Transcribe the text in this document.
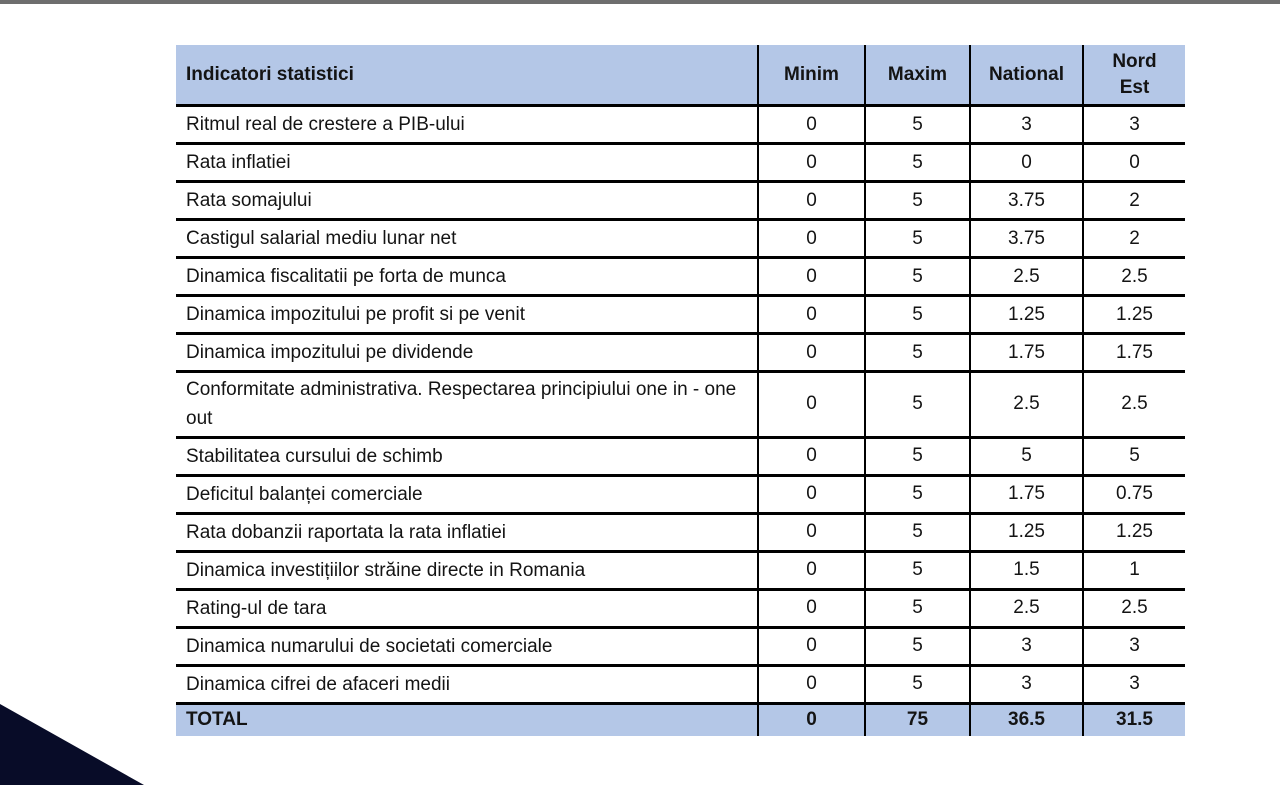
Indicatori statistici	Minim	Maxim	National	Nord Est
Ritmul real de crestere a PIB-ului	0	5	3	3
Rata inflatiei	0	5	0	0
Rata somajului	0	5	3.75	2
Castigul salarial mediu lunar net	0	5	3.75	2
Dinamica fiscalitatii pe forta de munca	0	5	2.5	2.5
Dinamica impozitului pe profit si pe venit	0	5	1.25	1.25
Dinamica impozitului pe dividende	0	5	1.75	1.75
Conformitate administrativa. Respectarea principiului one in - one out	0	5	2.5	2.5
Stabilitatea cursului de schimb	0	5	5	5
Deficitul balanței comerciale	0	5	1.75	0.75
Rata dobanzii raportata la rata inflatiei	0	5	1.25	1.25
Dinamica investițiilor străine directe in Romania	0	5	1.5	1
Rating-ul de tara	0	5	2.5	2.5
Dinamica numarului de societati comerciale	0	5	3	3
Dinamica cifrei de afaceri medii	0	5	3	3
TOTAL	0	75	36.5	31.5
